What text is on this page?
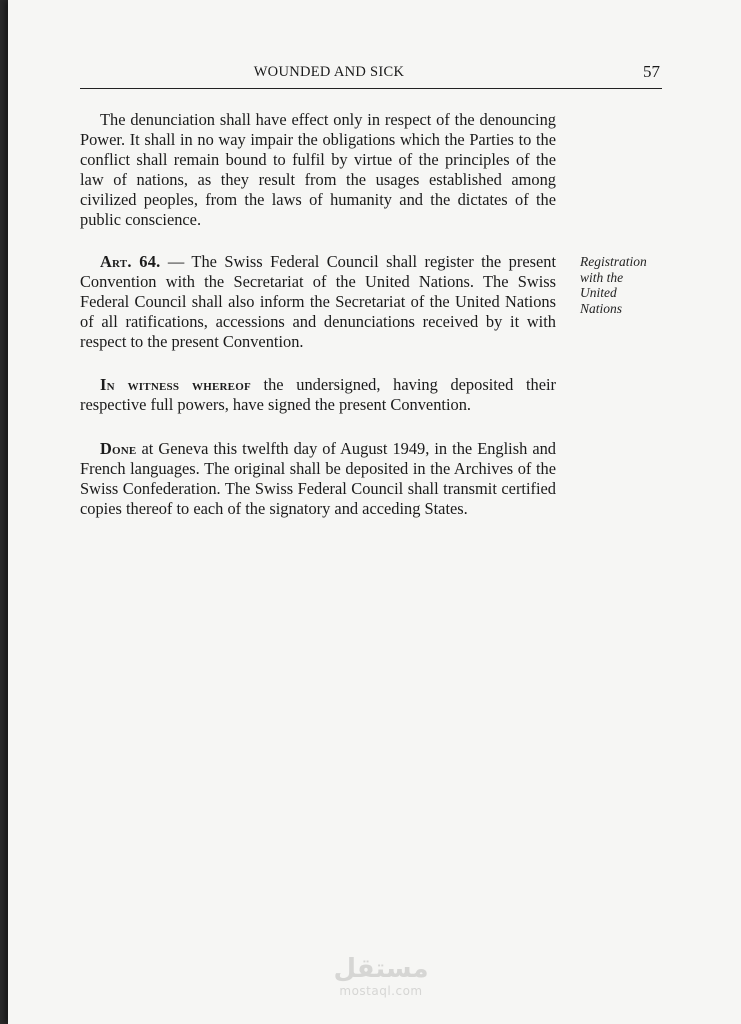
WOUNDED AND SICK	57

The denunciation shall have effect only in respect of the denouncing Power. It shall in no way impair the obligations which the Parties to the conflict shall remain bound to fulfil by virtue of the principles of the law of nations, as they result from the usages established among civilized peoples, from the laws of humanity and the dictates of the public conscience.

Art. 64. — The Swiss Federal Council shall register the present Convention with the Secretariat of the United Nations. The Swiss Federal Council shall also inform the Secretariat of the United Nations of all ratifications, accessions and denunciations received by it with respect to the present Convention.

Registration
with the
United
Nations

In witness whereof the undersigned, having deposited their respective full powers, have signed the present Convention.

Done at Geneva this twelfth day of August 1949, in the English and French languages. The original shall be deposited in the Archives of the Swiss Confederation. The Swiss Federal Council shall transmit certified copies thereof to each of the signatory and acceding States.

مستقل
mostaql.com
